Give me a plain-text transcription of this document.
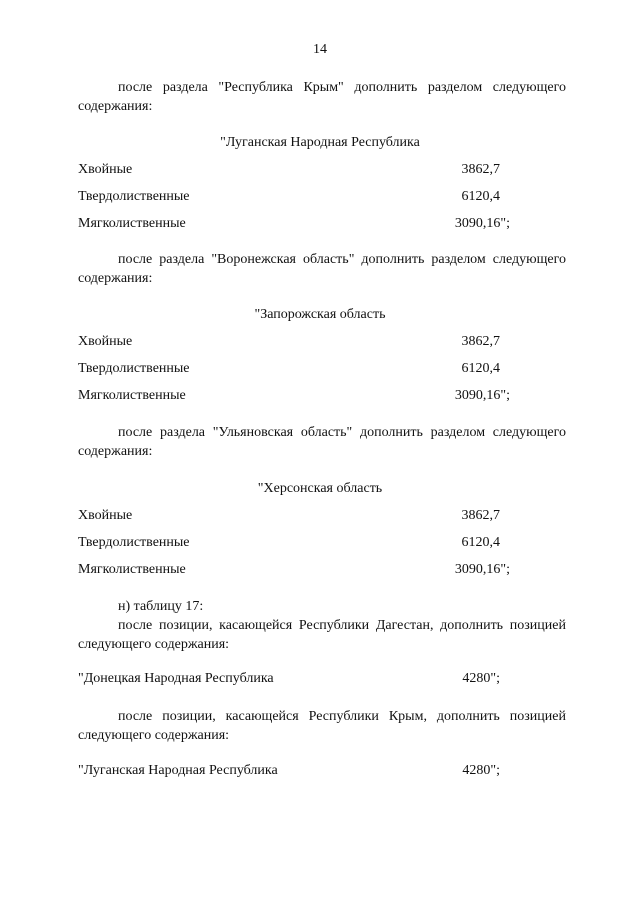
14
после раздела "Республика Крым" дополнить разделом следующего содержания:
"Луганская Народная Республика
Хвойные	3862,7
Твердолиственные	6120,4
Мягколиственные	3090,16";
после раздела "Воронежская область" дополнить разделом следующего содержания:
"Запорожская область
Хвойные	3862,7
Твердолиственные	6120,4
Мягколиственные	3090,16";
после раздела "Ульяновская область" дополнить разделом следующего содержания:
"Херсонская область
Хвойные	3862,7
Твердолиственные	6120,4
Мягколиственные	3090,16";
н) таблицу 17:
после позиции, касающейся Республики Дагестан, дополнить позицией следующего содержания:
"Донецкая Народная Республика	4280";
после позиции, касающейся Республики Крым, дополнить позицией следующего содержания:
"Луганская Народная Республика	4280";
